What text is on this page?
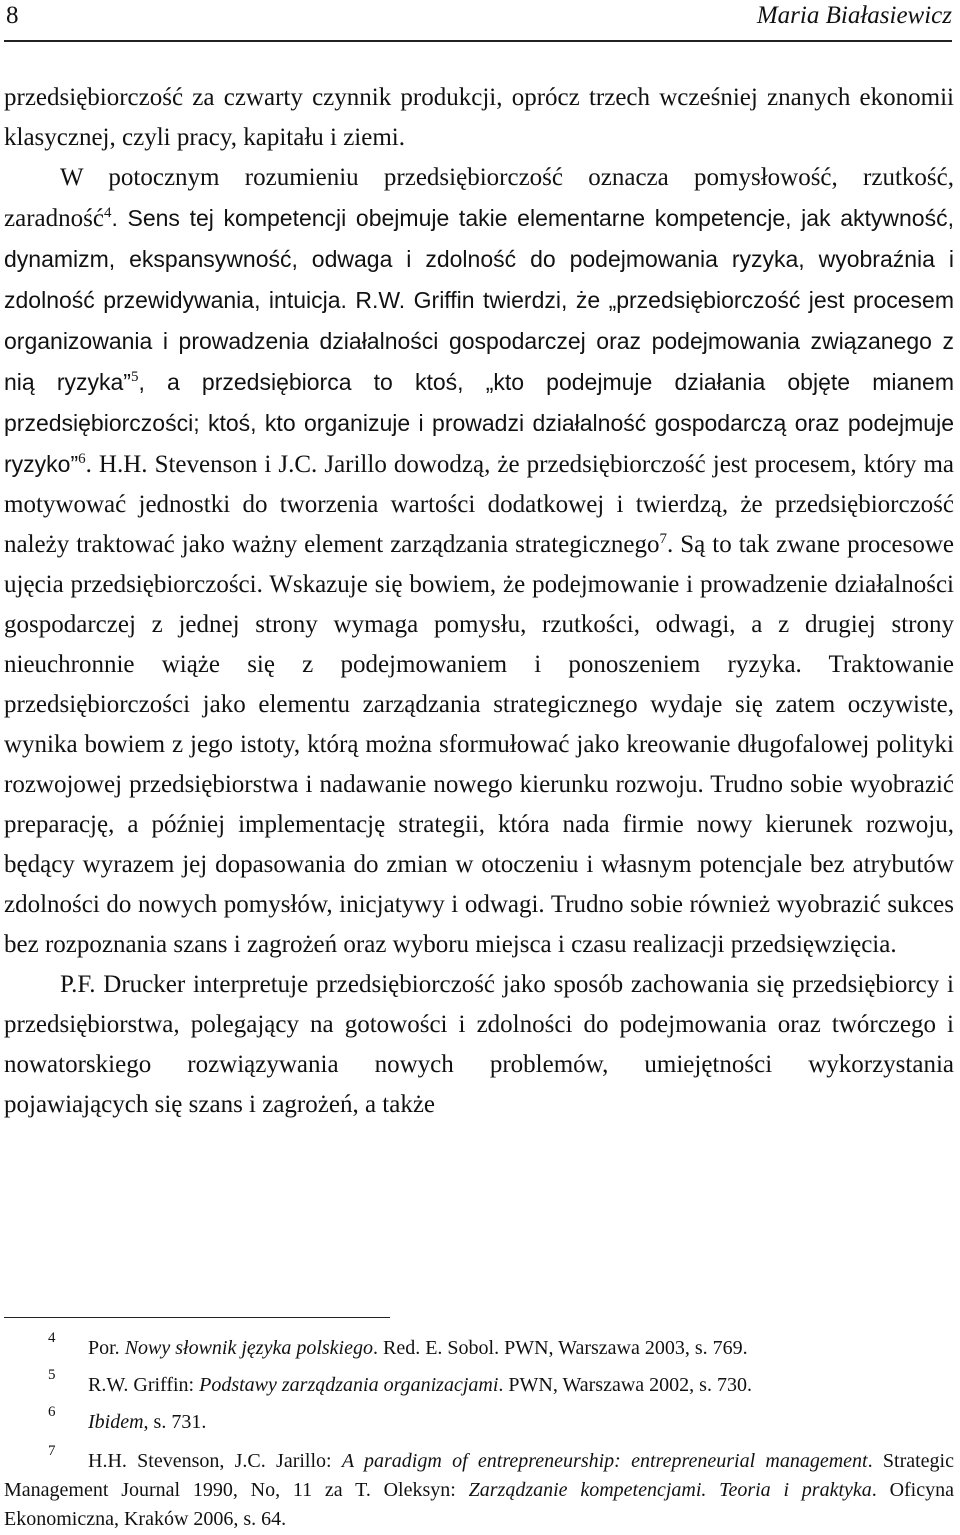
8	Maria Białasiewicz

przedsiębiorczość za czwarty czynnik produkcji, oprócz trzech wcześniej znanych ekonomii klasycznej, czyli pracy, kapitału i ziemi.

W potocznym rozumieniu przedsiębiorczość oznacza pomysłowość, rzutkość, zaradność$^4$. Sens tej kompetencji obejmuje takie elementarne kompetencje, jak aktywność, dynamizm, ekspansywność, odwaga i zdolność do podejmowania ryzyka, wyobraźnia i zdolność przewidywania, intuicja. R.W. Griffin twierdzi, że „przedsiębiorczość jest procesem organizowania i prowadzenia działalności gospodarczej oraz podejmowania związanego z nią ryzyka”$^5$, a przedsiębiorca to ktoś, „kto podejmuje działania objęte mianem przedsiębiorczości; ktoś, kto organizuje i prowadzi działalność gospodarczą oraz podejmuje ryzyko”$^6$. H.H. Stevenson i J.C. Jarillo dowodzą, że przedsiębiorczość jest procesem, który ma motywować jednostki do tworzenia wartości dodatkowej i twierdzą, że przedsiębiorczość należy traktować jako ważny element zarządzania strategicznego$^7$. Są to tak zwane procesowe ujęcia przedsiębiorczości. Wskazuje się bowiem, że podejmowanie i prowadzenie działalności gospodarczej z jednej strony wymaga pomysłu, rzutkości, odwagi, a z drugiej strony nieuchronnie wiąże się z podejmowaniem i ponoszeniem ryzyka. Traktowanie przedsiębiorczości jako elementu zarządzania strategicznego wydaje się zatem oczywiste, wynika bowiem z jego istoty, którą można sformułować jako kreowanie długofalowej polityki rozwojowej przedsiębiorstwa i nadawanie nowego kierunku rozwoju. Trudno sobie wyobrazić preparację, a później implementację strategii, która nada firmie nowy kierunek rozwoju, będący wyrazem jej dopasowania do zmian w otoczeniu i własnym potencjale bez atrybutów zdolności do nowych pomysłów, inicjatywy i odwagi. Trudno sobie również wyobrazić sukces bez rozpoznania szans i zagrożeń oraz wyboru miejsca i czasu realizacji przedsięwzięcia.

P.F. Drucker interpretuje przedsiębiorczość jako sposób zachowania się przedsiębiorcy i przedsiębiorstwa, polegający na gotowości i zdolności do podejmowania oraz twórczego i nowatorskiego rozwiązywania nowych problemów, umiejętności wykorzystania pojawiających się szans i zagrożeń, a także

4 Por. Nowy słownik języka polskiego. Red. E. Sobol. PWN, Warszawa 2003, s. 769.
5 R.W. Griffin: Podstawy zarządzania organizacjami. PWN, Warszawa 2002, s. 730.
6 Ibidem, s. 731.
7 H.H. Stevenson, J.C. Jarillo: A paradigm of entrepreneurship: entrepreneurial management. Strategic Management Journal 1990, No, 11 za T. Oleksyn: Zarządzanie kompetencjami. Teoria i praktyka. Oficyna Ekonomiczna, Kraków 2006, s. 64.
